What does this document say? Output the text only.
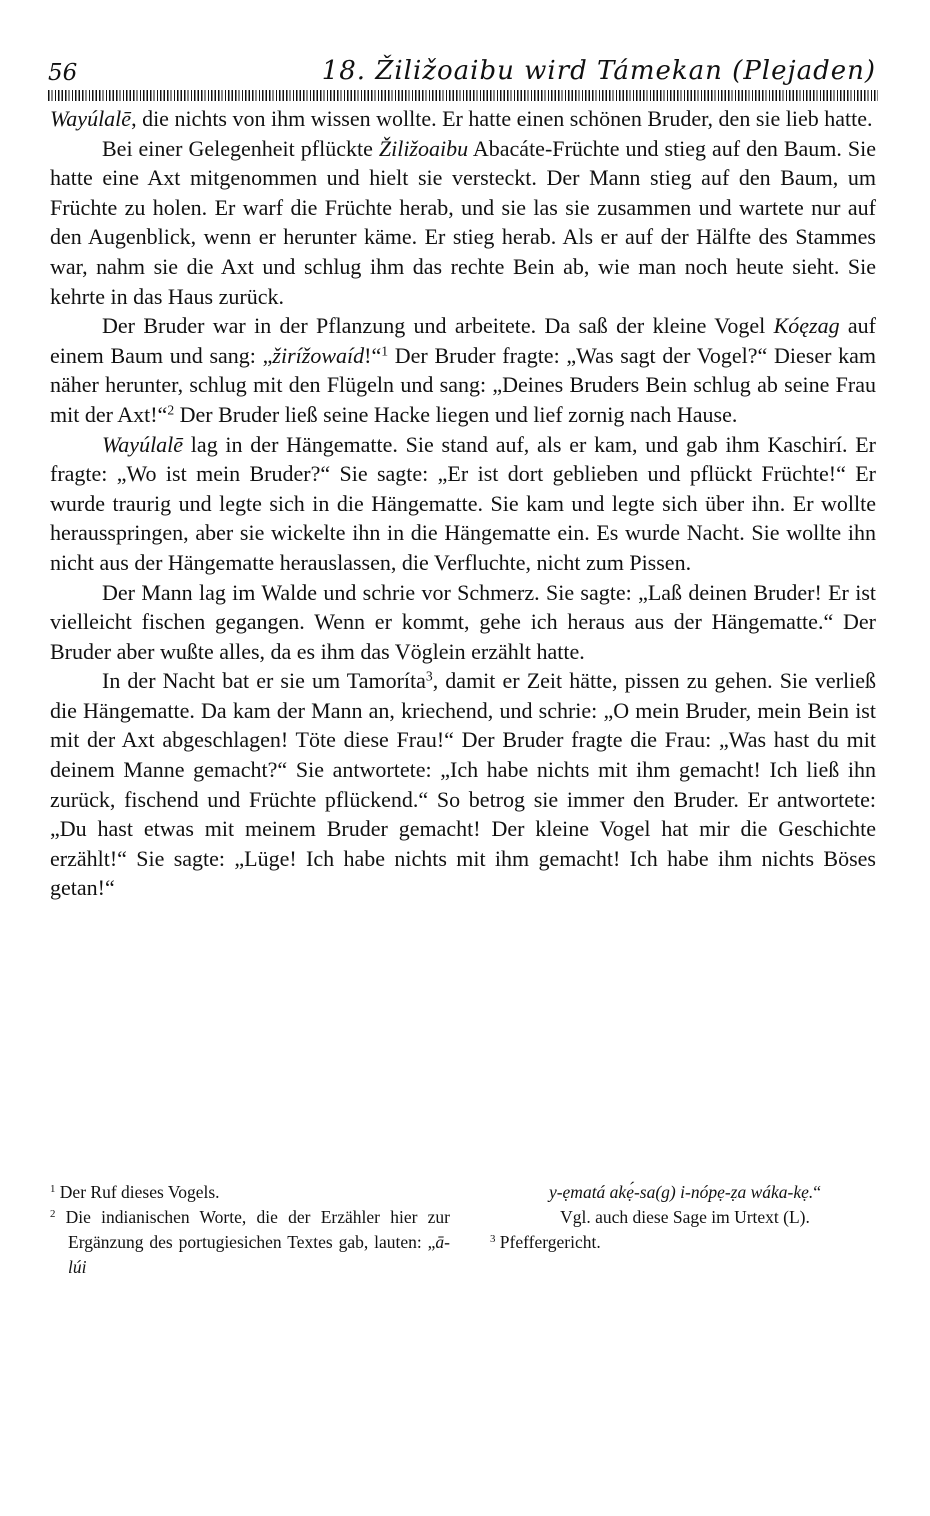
56	18. Žiližoaibu wird Támekan (Plejaden)

Wayúlalē, die nichts von ihm wissen wollte. Er hatte einen schönen Bruder, den sie lieb hatte.

Bei einer Gelegenheit pflückte Žiližoaibu Abacáte-Früchte und stieg auf den Baum. Sie hatte eine Axt mitgenommen und hielt sie versteckt. Der Mann stieg auf den Baum, um Früchte zu holen. Er warf die Früchte herab, und sie las sie zusammen und wartete nur auf den Augenblick, wenn er herunter käme. Er stieg herab. Als er auf der Hälfte des Stammes war, nahm sie die Axt und schlug ihm das rechte Bein ab, wie man noch heute sieht. Sie kehrte in das Haus zurück.

Der Bruder war in der Pflanzung und arbeitete. Da saß der kleine Vogel Kóęzag auf einem Baum und sang: „žirížowaíd!“$^1$ Der Bruder fragte: „Was sagt der Vogel?“ Dieser kam näher herunter, schlug mit den Flügeln und sang: „Deines Bruders Bein schlug ab seine Frau mit der Axt!“$^2$ Der Bruder ließ seine Hacke liegen und lief zornig nach Hause.

Wayúlalē lag in der Hängematte. Sie stand auf, als er kam, und gab ihm Kaschirí. Er fragte: „Wo ist mein Bruder?“ Sie sagte: „Er ist dort geblieben und pflückt Früchte!“ Er wurde traurig und legte sich in die Hängematte. Sie kam und legte sich über ihn. Er wollte herausspringen, aber sie wickelte ihn in die Hängematte ein. Es wurde Nacht. Sie wollte ihn nicht aus der Hängematte herauslassen, die Verfluchte, nicht zum Pissen.

Der Mann lag im Walde und schrie vor Schmerz. Sie sagte: „Laß deinen Bruder! Er ist vielleicht fischen gegangen. Wenn er kommt, gehe ich heraus aus der Hängematte.“ Der Bruder aber wußte alles, da es ihm das Vöglein erzählt hatte.

In der Nacht bat er sie um Tamoríta$^3$, damit er Zeit hätte, pissen zu gehen. Sie verließ die Hängematte. Da kam der Mann an, kriechend, und schrie: „O mein Bruder, mein Bein ist mit der Axt abgeschlagen! Töte diese Frau!“ Der Bruder fragte die Frau: „Was hast du mit deinem Manne gemacht?“ Sie antwortete: „Ich habe nichts mit ihm gemacht! Ich ließ ihn zurück, fischend und Früchte pflückend.“ So betrog sie immer den Bruder. Er antwortete: „Du hast etwas mit meinem Bruder gemacht! Der kleine Vogel hat mir die Geschichte erzählt!“ Sie sagte: „Lüge! Ich habe nichts mit ihm gemacht! Ich habe ihm nichts Böses getan!“

$^1$ Der Ruf dieses Vogels.

$^2$ Die indianischen Worte, die der Erzähler hier zur Ergänzung des portugiesichen Textes gab, lauten: „ā-lúi

y-ẹmatá akẹ́-sa(g) i-nópẹ-ẓa wákа-kẹ.“
Vgl. auch diese Sage im Urtext (L).

$^3$ Pfeffergericht.
